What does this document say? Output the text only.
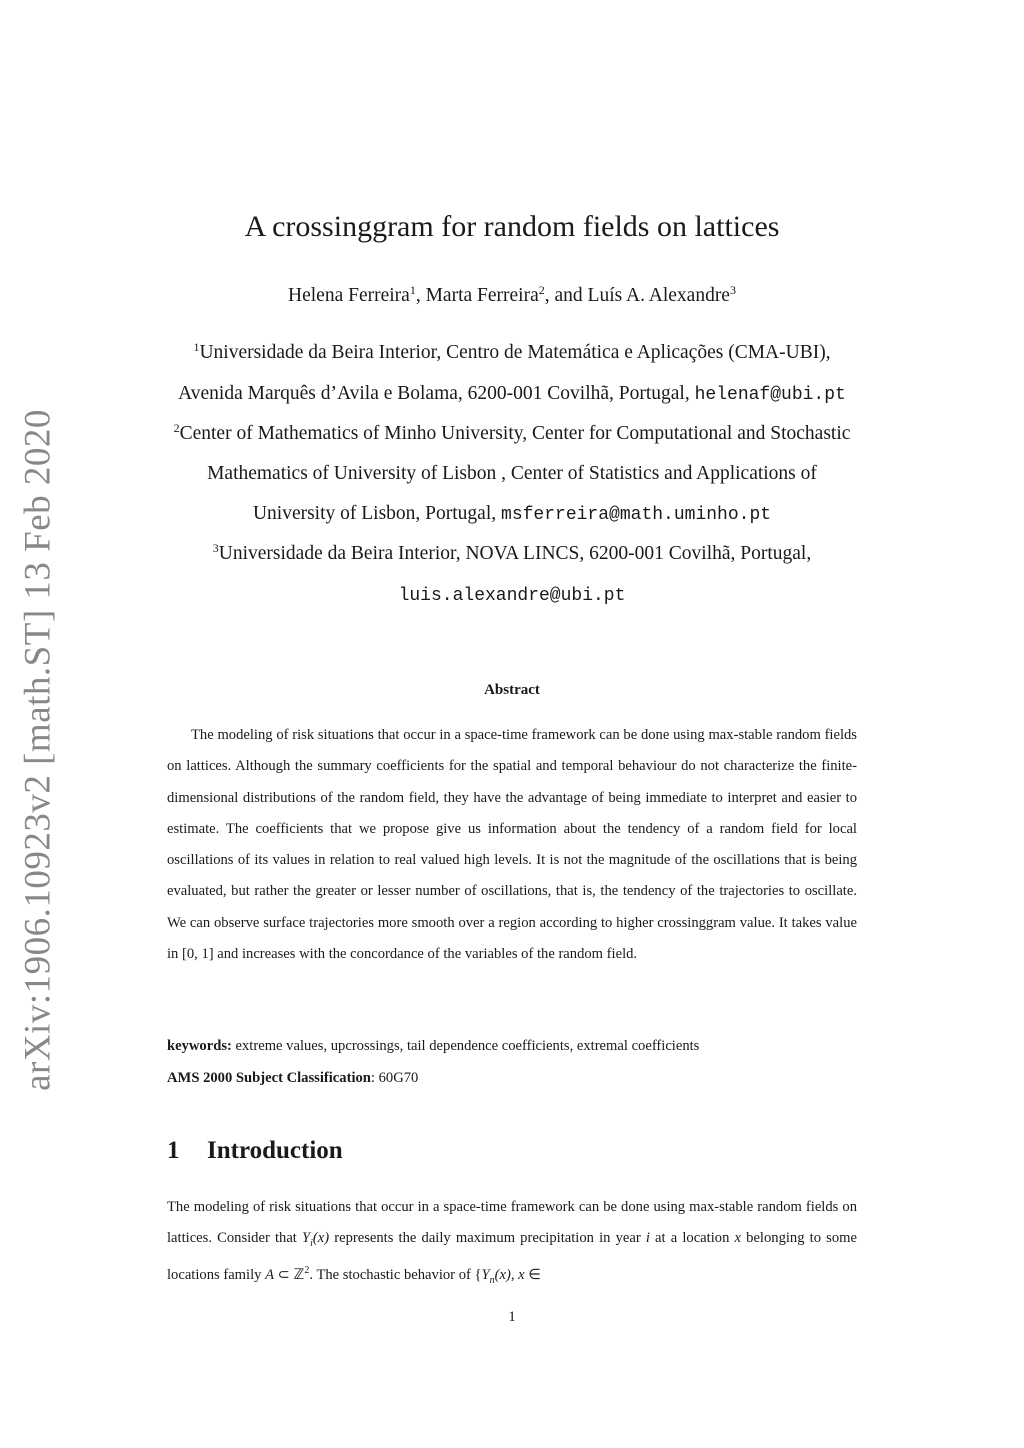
arXiv:1906.10923v2 [math.ST] 13 Feb 2020
A crossinggram for random fields on lattices
Helena Ferreira$^1$, Marta Ferreira$^2$, and Luís A. Alexandre$^3$
$^1$Universidade da Beira Interior, Centro de Matemática e Aplicações (CMA-UBI),
Avenida Marquês d’Avila e Bolama, 6200-001 Covilhã, Portugal, helenaf@ubi.pt
$^2$Center of Mathematics of Minho University, Center for Computational and Stochastic
Mathematics of University of Lisbon , Center of Statistics and Applications of
University of Lisbon, Portugal, msferreira@math.uminho.pt
$^3$Universidade da Beira Interior, NOVA LINCS, 6200-001 Covilhã, Portugal,
luis.alexandre@ubi.pt
Abstract

The modeling of risk situations that occur in a space-time framework can be done using max-stable random fields on lattices. Although the summary coefficients for the spatial and temporal behaviour do not characterize the finite-dimensional distributions of the random field, they have the advantage of being immediate to interpret and easier to estimate. The coefficients that we propose give us information about the tendency of a random field for local oscillations of its values in relation to real valued high levels. It is not the magnitude of the oscillations that is being evaluated, but rather the greater or lesser number of oscillations, that is, the tendency of the trajectories to oscillate. We can observe surface trajectories more smooth over a region according to higher crossinggram value. It takes value in [0, 1] and increases with the concordance of the variables of the random field.

keywords: extreme values, upcrossings, tail dependence coefficients, extremal coefficients
AMS 2000 Subject Classification: 60G70
1 Introduction

The modeling of risk situations that occur in a space-time framework can be done using max-stable random fields on lattices. Consider that $Y_i(x)$ represents the daily maximum precipitation in year i at a location x belonging to some locations family A ⊂ ℤ$^2$. The stochastic behavior of {$Y_n(x)$, x ∈

1
